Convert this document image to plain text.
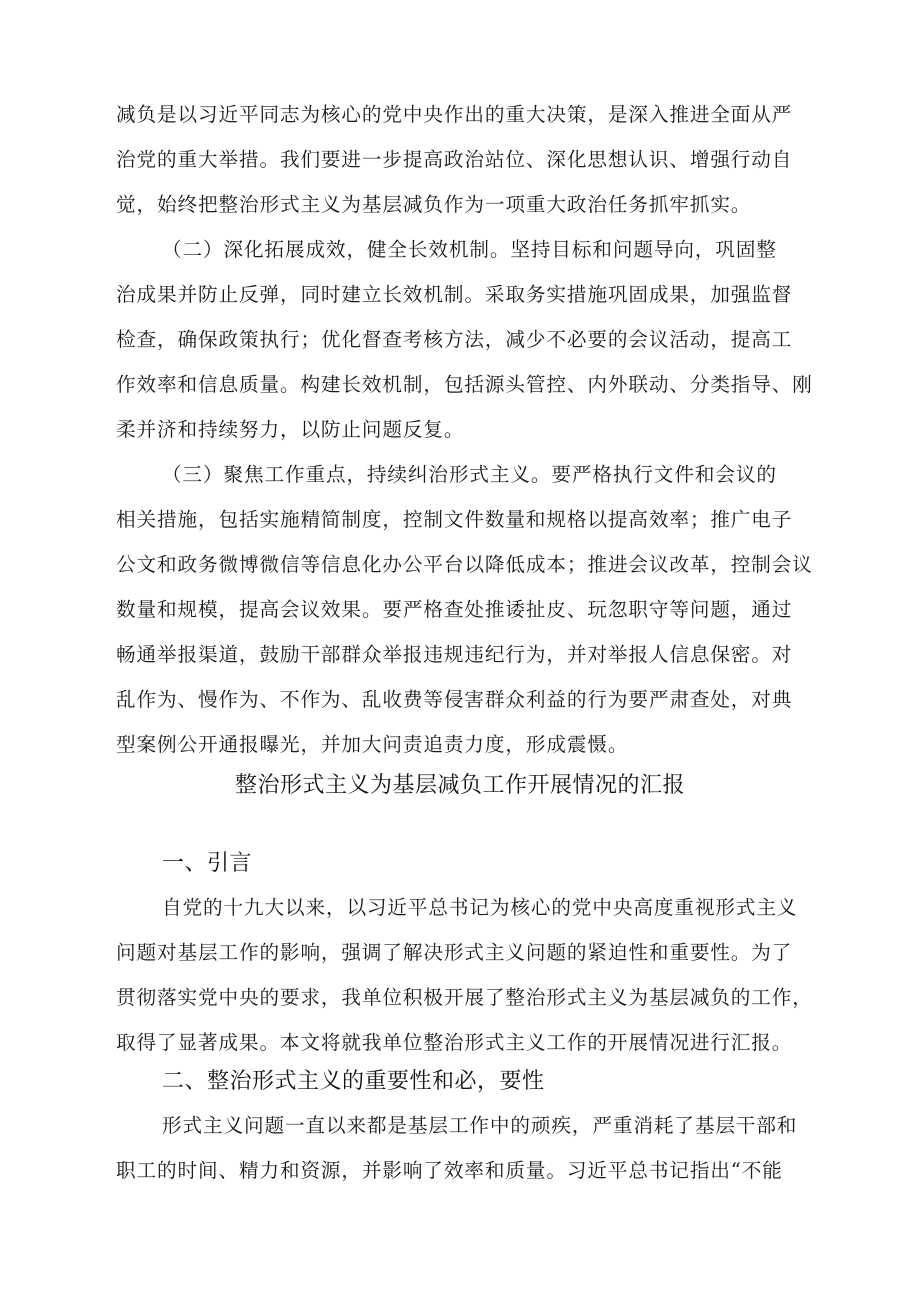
减负是以习近平同志为核心的党中央作出的重大决策，是深入推进全面从严
治党的重大举措。我们要进一步提高政治站位、深化思想认识、增强行动自
觉，始终把整治形式主义为基层减负作为一项重大政治任务抓牢抓实。
（二）深化拓展成效，健全长效机制。坚持目标和问题导向，巩固整
治成果并防止反弹，同时建立长效机制。采取务实措施巩固成果，加强监督
检查，确保政策执行；优化督查考核方法，减少不必要的会议活动，提高工
作效率和信息质量。构建长效机制，包括源头管控、内外联动、分类指导、刚
柔并济和持续努力，以防止问题反复。
（三）聚焦工作重点，持续纠治形式主义。要严格执行文件和会议的
相关措施，包括实施精简制度，控制文件数量和规格以提高效率；推广电子
公文和政务微博微信等信息化办公平台以降低成本；推进会议改革，控制会议
数量和规模，提高会议效果。要严格查处推诿扯皮、玩忽职守等问题，通过
畅通举报渠道，鼓励干部群众举报违规违纪行为，并对举报人信息保密。对
乱作为、慢作为、不作为、乱收费等侵害群众利益的行为要严肃查处，对典
型案例公开通报曝光，并加大问责追责力度，形成震慑。
整治形式主义为基层减负工作开展情况的汇报
一、引言
自党的十九大以来，以习近平总书记为核心的党中央高度重视形式主义
问题对基层工作的影响，强调了解决形式主义问题的紧迫性和重要性。为了
贯彻落实党中央的要求，我单位积极开展了整治形式主义为基层减负的工作，
取得了显著成果。本文将就我单位整治形式主义工作的开展情况进行汇报。
二、整治形式主义的重要性和必，要性
形式主义问题一直以来都是基层工作中的顽疾，严重消耗了基层干部和
职工的时间、精力和资源，并影响了效率和质量。习近平总书记指出“不能
